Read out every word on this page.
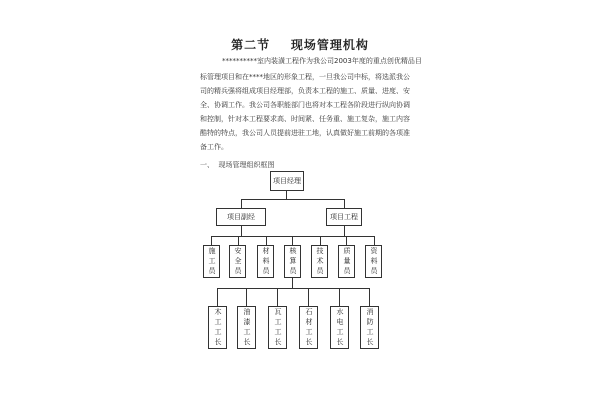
第二节    现场管理机构
**********室内装潢工程作为我公司2003年度的重点创优精品目
标管理项目和在****地区的形象工程，一旦我公司中标，将选派我公
司的精兵强将组成项目经理部，负责本工程的施工、质量、进度、安
全、协调工作。我公司各职能部门也将对本工程各阶段进行纵向协调
和控制，针对本工程要求高、时间紧、任务重、施工复杂，施工内容
酷特的特点，我公司人员提前进驻工地，认真做好施工前期的各项准
备工作。
一、  现场管理组织框图
项目经理
项目副经	项目工程
施工员	安全员	材料员	核算员	技术员	质量员	资料员
木工工长	油漆工长	瓦工工长	石材工长	水电工长	消防工长
